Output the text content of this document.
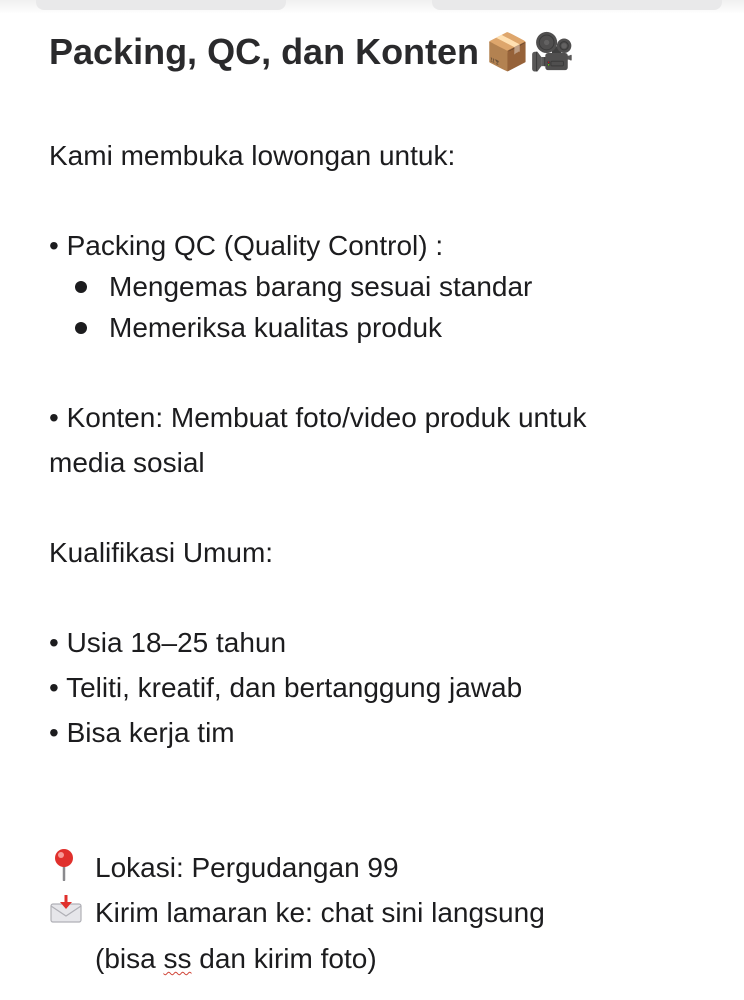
Packing, QC, dan Konten 📦🎥
Kami membuka lowongan untuk:
• Packing QC (Quality Control) :
Mengemas barang sesuai standar
Memeriksa kualitas produk
• Konten: Membuat foto/video produk untuk
media sosial
Kualifikasi Umum:
• Usia 18–25 tahun
• Teliti, kreatif, dan bertanggung jawab
• Bisa kerja tim
Lokasi: Pergudangan 99
Kirim lamaran ke: chat sini langsung
(bisa ss dan kirim foto)
